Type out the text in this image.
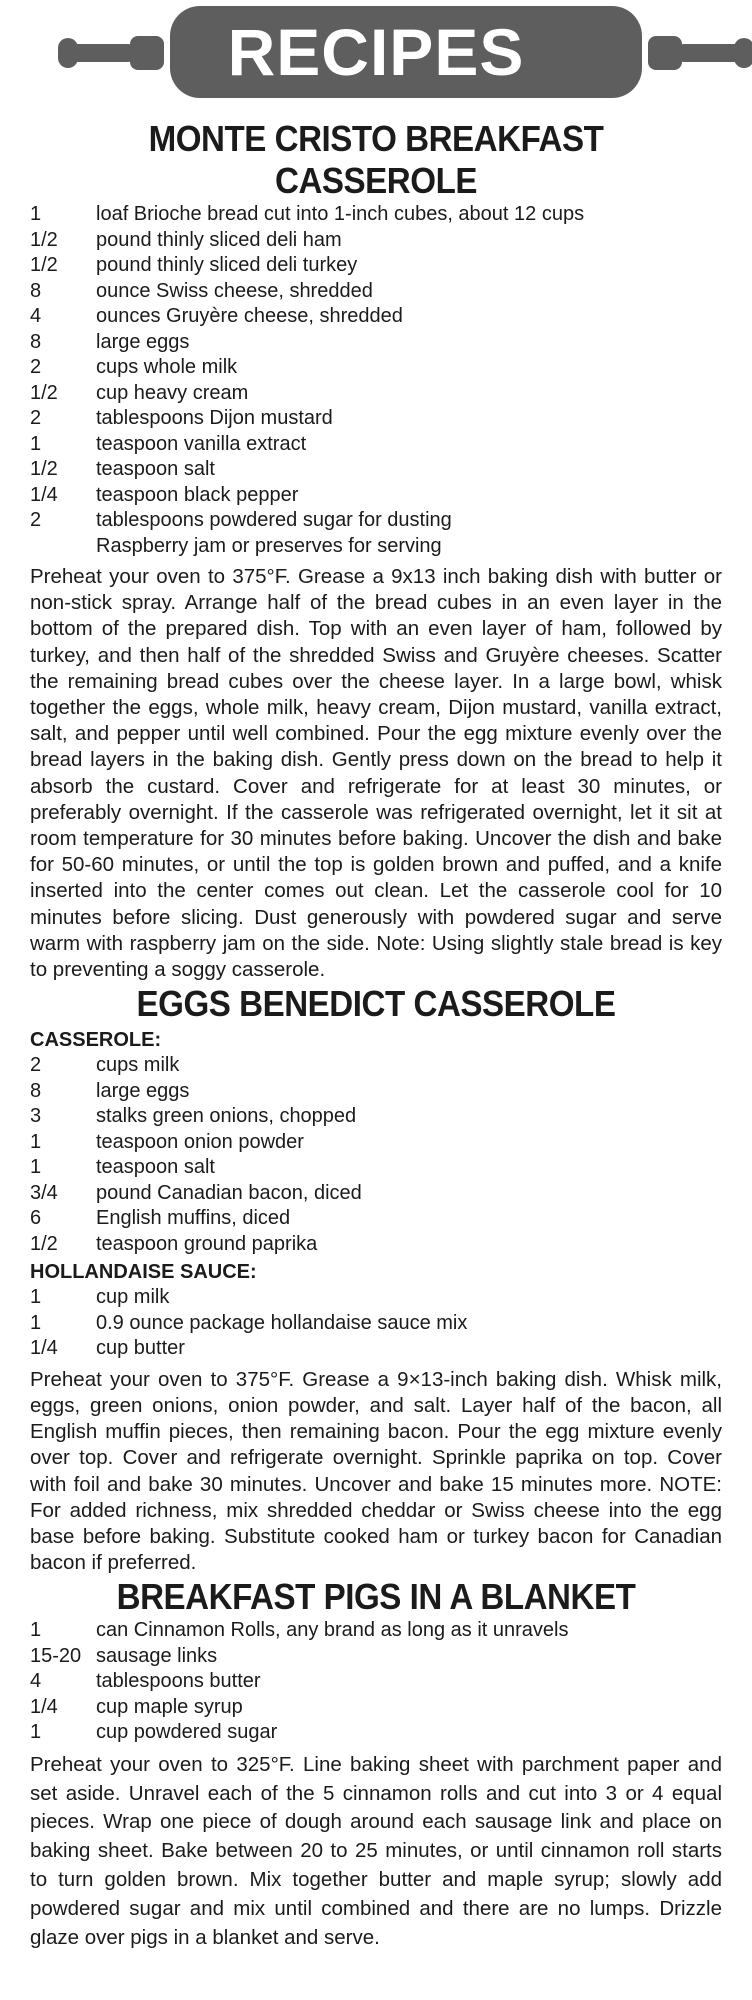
RECIPES
MONTE CRISTO BREAKFAST CASSEROLE
1	loaf Brioche bread cut into 1-inch cubes, about 12 cups
1/2	pound thinly sliced deli ham
1/2	pound thinly sliced deli turkey
8	ounce Swiss cheese, shredded
4	ounces Gruyère cheese, shredded
8	large eggs
2	cups whole milk
1/2	cup heavy cream
2	tablespoons Dijon mustard
1	teaspoon vanilla extract
1/2	teaspoon salt
1/4	teaspoon black pepper
2	tablespoons powdered sugar for dusting
Raspberry jam or preserves for serving

Preheat your oven to 375°F. Grease a 9x13 inch baking dish with butter or non-stick spray. Arrange half of the bread cubes in an even layer in the bottom of the prepared dish. Top with an even layer of ham, followed by turkey, and then half of the shredded Swiss and Gruyère cheeses. Scatter the remaining bread cubes over the cheese layer. In a large bowl, whisk together the eggs, whole milk, heavy cream, Dijon mustard, vanilla extract, salt, and pepper until well combined. Pour the egg mixture evenly over the bread layers in the baking dish. Gently press down on the bread to help it absorb the custard. Cover and refrigerate for at least 30 minutes, or preferably overnight. If the casserole was refrigerated overnight, let it sit at room temperature for 30 minutes before baking. Uncover the dish and bake for 50-60 minutes, or until the top is golden brown and puffed, and a knife inserted into the center comes out clean. Let the casserole cool for 10 minutes before slicing. Dust generously with powdered sugar and serve warm with raspberry jam on the side. Note: Using slightly stale bread is key to preventing a soggy casserole.

EGGS BENEDICT CASSEROLE
CASSEROLE:
2	cups milk
8	large eggs
3	stalks green onions, chopped
1	teaspoon onion powder
1	teaspoon salt
3/4	pound Canadian bacon, diced
6	English muffins, diced
1/2	teaspoon ground paprika
HOLLANDAISE SAUCE:
1	cup milk
1	0.9 ounce package hollandaise sauce mix
1/4	cup butter

Preheat your oven to 375°F. Grease a 9×13-inch baking dish. Whisk milk, eggs, green onions, onion powder, and salt. Layer half of the bacon, all English muffin pieces, then remaining bacon. Pour the egg mixture evenly over top. Cover and refrigerate overnight. Sprinkle paprika on top. Cover with foil and bake 30 minutes. Uncover and bake 15 minutes more. NOTE: For added richness, mix shredded cheddar or Swiss cheese into the egg base before baking. Substitute cooked ham or turkey bacon for Canadian bacon if preferred.

BREAKFAST PIGS IN A BLANKET
1	can Cinnamon Rolls, any brand as long as it unravels
15-20 sausage links
4	tablespoons butter
1/4	cup maple syrup
1	cup powdered sugar

Preheat your oven to 325°F. Line baking sheet with parchment paper and set aside. Unravel each of the 5 cinnamon rolls and cut into 3 or 4 equal pieces. Wrap one piece of dough around each sausage link and place on baking sheet. Bake between 20 to 25 minutes, or until cinnamon roll starts to turn golden brown. Mix together butter and maple syrup; slowly add powdered sugar and mix until combined and there are no lumps. Drizzle glaze over pigs in a blanket and serve.
